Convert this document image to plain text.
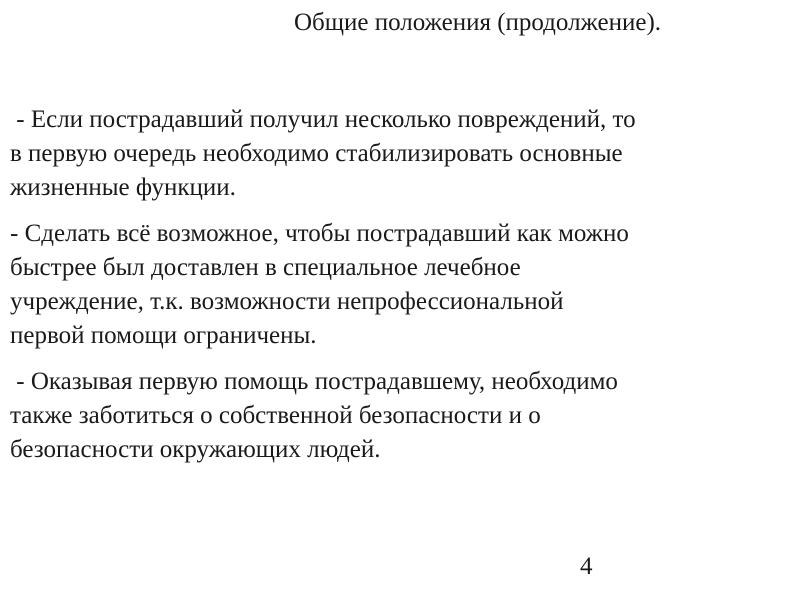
Общие положения (продолжение).

- Если пострадавший получил несколько повреждений, то
в первую очередь необходимо стабилизировать основные
жизненные функции.

- Сделать всё возможное, чтобы пострадавший как можно
быстрее был доставлен в специальное лечебное
учреждение, т.к. возможности непрофессиональной
первой помощи ограничены.

- Оказывая первую помощь пострадавшему, необходимо
также заботиться о собственной безопасности и о
безопасности окружающих людей.

4
